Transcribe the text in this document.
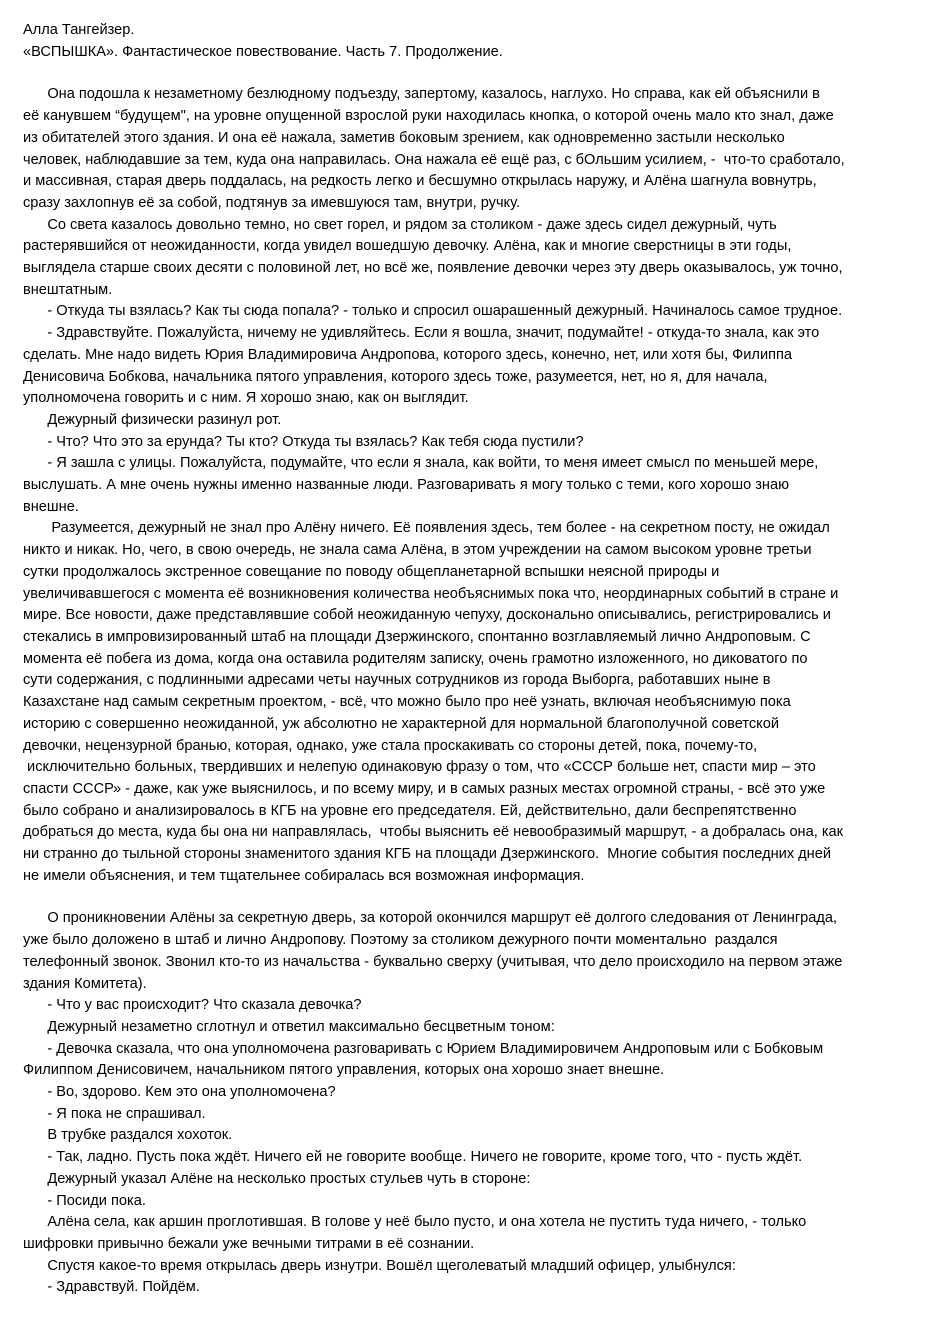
Алла Тангейзер.
«ВСПЫШКА». Фантастическое повествование. Часть 7. Продолжение.
Она подошла к незаметному безлюдному подъезду, запертому, казалось, наглухо. Но справа, как ей объяснили в
её канувшем “будущем", на уровне опущенной взрослой руки находилась кнопка, о которой очень мало кто знал, даже
из обитателей этого здания. И она её нажала, заметив боковым зрением, как одновременно застыли несколько
человек, наблюдавшие за тем, куда она направилась. Она нажала её ещё раз, с бОльшим усилием, -  что-то сработало,
и массивная, старая дверь поддалась, на редкость легко и бесшумно открылась наружу, и Алёна шагнула вовнутрь,
сразу захлопнув её за собой, подтянув за имевшуюся там, внутри, ручку.
Со света казалось довольно темно, но свет горел, и рядом за столиком - даже здесь сидел дежурный, чуть
растерявшийся от неожиданности, когда увидел вошедшую девочку. Алёна, как и многие сверстницы в эти годы,
выглядела старше своих десяти с половиной лет, но всё же, появление девочки через эту дверь оказывалось, уж точно,
внештатным.
- Откуда ты взялась? Как ты сюда попала? - только и спросил ошарашенный дежурный. Начиналось самое трудное.
- Здравствуйте. Пожалуйста, ничему не удивляйтесь. Если я вошла, значит, подумайте! - откуда-то знала, как это
сделать. Мне надо видеть Юрия Владимировича Андропова, которого здесь, конечно, нет, или хотя бы, Филиппа
Денисовича Бобкова, начальника пятого управления, которого здесь тоже, разумеется, нет, но я, для начала,
уполномочена говорить и с ним. Я хорошо знаю, как он выглядит.
Дежурный физически разинул рот.
- Что? Что это за ерунда? Ты кто? Откуда ты взялась? Как тебя сюда пустили?
- Я зашла с улицы. Пожалуйста, подумайте, что если я знала, как войти, то меня имеет смысл по меньшей мере,
выслушать. А мне очень нужны именно названные люди. Разговаривать я могу только с теми, кого хорошо знаю
внешне.
Разумеется, дежурный не знал про Алёну ничего. Её появления здесь, тем более - на секретном посту, не ожидал
никто и никак. Но, чего, в свою очередь, не знала сама Алёна, в этом учреждении на самом высоком уровне третьи
сутки продолжалось экстренное совещание по поводу общепланетарной вспышки неясной природы и
увеличивавшегося с момента её возникновения количества необъяснимых пока что, неординарных событий в стране и
мире. Все новости, даже представлявшие собой неожиданную чепуху, досконально описывались, регистрировались и
стекались в импровизированный штаб на площади Дзержинского, спонтанно возглавляемый лично Андроповым. С
момента её побега из дома, когда она оставила родителям записку, очень грамотно изложенного, но диковатого по
сути содержания, с подлинными адресами четы научных сотрудников из города Выборга, работавших ныне в
Казахстане над самым секретным проектом, - всё, что можно было про неё узнать, включая необъяснимую пока
историю с совершенно неожиданной, уж абсолютно не характерной для нормальной благополучной советской
девочки, нецензурной бранью, которая, однако, уже стала проскакивать со стороны детей, пока, почему-то,
исключительно больных, твердивших и нелепую одинаковую фразу о том, что «СССР больше нет, спасти мир – это
спасти СССР» - даже, как уже выяснилось, и по всему миру, и в самых разных местах огромной страны, - всё это уже
было собрано и анализировалось в КГБ на уровне его председателя. Ей, действительно, дали беспрепятственно
добраться до места, куда бы она ни направлялась,  чтобы выяснить её невообразимый маршрут, - а добралась она, как
ни странно до тыльной стороны знаменитого здания КГБ на площади Дзержинского.  Многие события последних дней
не имели объяснения, и тем тщательнее собиралась вся возможная информация.
О проникновении Алёны за секретную дверь, за которой окончился маршрут её долгого следования от Ленинграда,
уже было доложено в штаб и лично Андропову. Поэтому за столиком дежурного почти моментально  раздался
телефонный звонок. Звонил кто-то из начальства - буквально сверху (учитывая, что дело происходило на первом этаже
здания Комитета).
- Что у вас происходит? Что сказала девочка?
Дежурный незаметно сглотнул и ответил максимально бесцветным тоном:
- Девочка сказала, что она уполномочена разговаривать с Юрием Владимировичем Андроповым или с Бобковым
Филиппом Денисовичем, начальником пятого управления, которых она хорошо знает внешне.
- Во, здорово. Кем это она уполномочена?
- Я пока не спрашивал.
В трубке раздался хохоток.
- Так, ладно. Пусть пока ждёт. Ничего ей не говорите вообще. Ничего не говорите, кроме того, что - пусть ждёт.
Дежурный указал Алёне на несколько простых стульев чуть в стороне:
- Посиди пока.
Алёна села, как аршин проглотившая. В голове у неё было пусто, и она хотела не пустить туда ничего, - только
шифровки привычно бежали уже вечными титрами в её сознании.
Спустя какое-то время открылась дверь изнутри. Вошёл щеголеватый младший офицер, улыбнулся:
- Здравствуй. Пойдём.
